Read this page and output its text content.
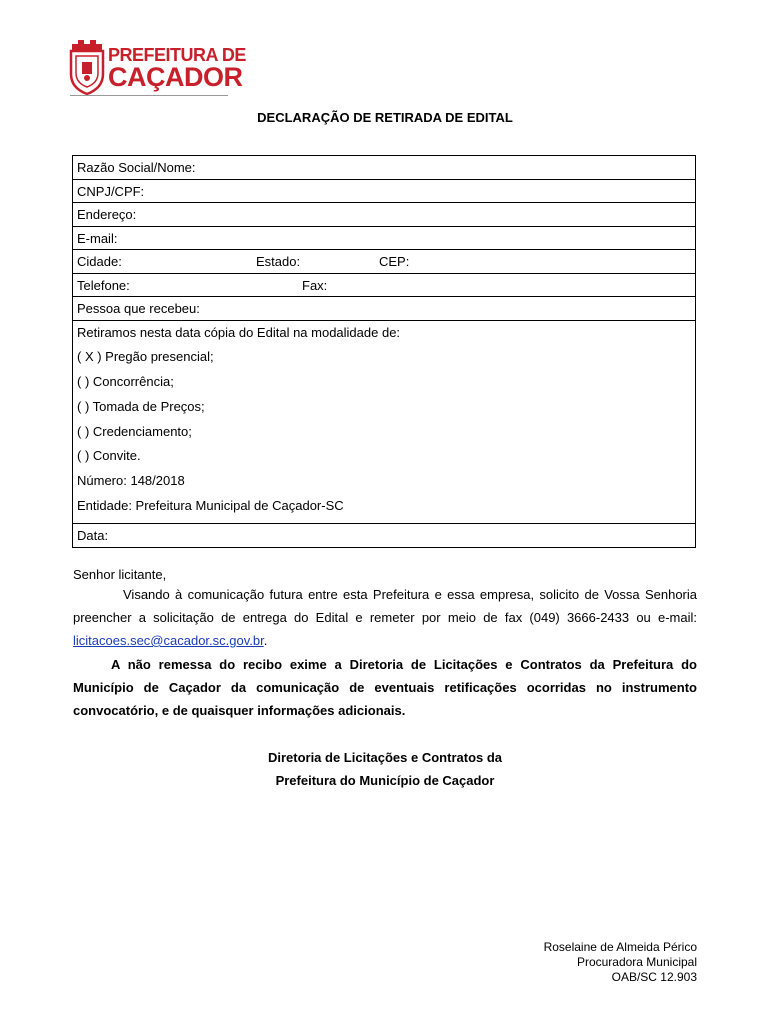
PREFEITURA DE
CAÇADOR
DECLARAÇÃO DE RETIRADA DE EDITAL
Razão Social/Nome:
CNPJ/CPF:
Endereço:
E-mail:
Cidade:	Estado:	CEP:
Telefone:	Fax:
Pessoa que recebeu:
Retiramos nesta data cópia do Edital na modalidade de:
( X ) Pregão presencial;
( ) Concorrência;
( ) Tomada de Preços;
( ) Credenciamento;
( ) Convite.
Número: 148/2018
Entidade: Prefeitura Municipal de Caçador-SC
Data:
Senhor licitante,
Visando à comunicação futura entre esta Prefeitura e essa empresa, solicito de Vossa Senhoria preencher a solicitação de entrega do Edital e remeter por meio de fax (049) 3666-2433 ou e-mail: licitacoes.sec@cacador.sc.gov.br.
A não remessa do recibo exime a Diretoria de Licitações e Contratos da Prefeitura do Município de Caçador da comunicação de eventuais retificações ocorridas no instrumento convocatório, e de quaisquer informações adicionais.
Diretoria de Licitações e Contratos da
Prefeitura do Município de Caçador
Roselaine de Almeida Périco
Procuradora Municipal
OAB/SC 12.903
